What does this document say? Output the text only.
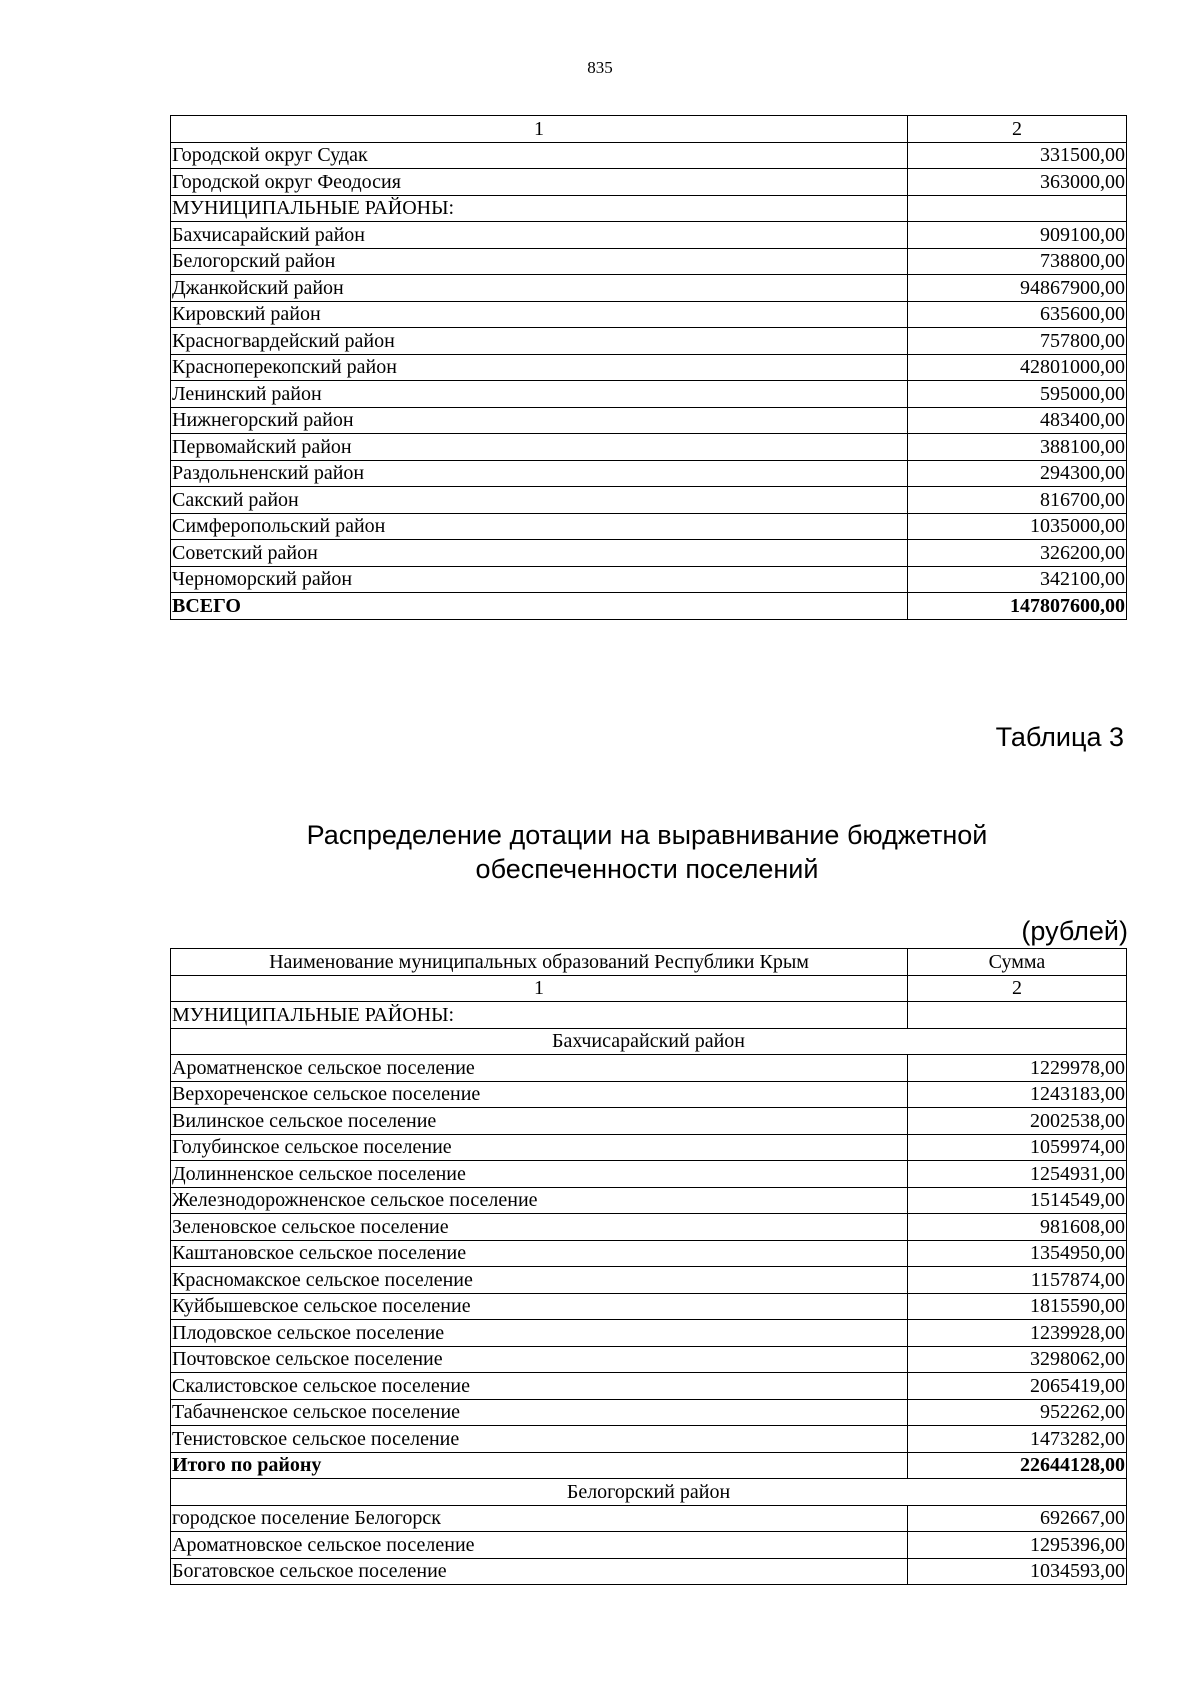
835
1	2
Городской округ Судак	331500,00
Городской округ Феодосия	363000,00
МУНИЦИПАЛЬНЫЕ РАЙОНЫ:	
Бахчисарайский район	909100,00
Белогорский район	738800,00
Джанкойский район	94867900,00
Кировский район	635600,00
Красногвардейский район	757800,00
Красноперекопский район	42801000,00
Ленинский район	595000,00
Нижнегорский район	483400,00
Первомайский район	388100,00
Раздольненский район	294300,00
Сакский район	816700,00
Симферопольский район	1035000,00
Советский район	326200,00
Черноморский район	342100,00
ВСЕГО	147807600,00
Таблица 3
Распределение дотации на выравнивание бюджетной
обеспеченности поселений
(рублей)
Наименование муниципальных образований Республики Крым	Сумма
1	2
МУНИЦИПАЛЬНЫЕ РАЙОНЫ:	
Бахчисарайский район	
Ароматненское сельское поселение	1229978,00
Верхореченское сельское поселение	1243183,00
Вилинское сельское поселение	2002538,00
Голубинское сельское поселение	1059974,00
Долинненское сельское поселение	1254931,00
Железнодорожненское сельское поселение	1514549,00
Зеленовское сельское поселение	981608,00
Каштановское сельское поселение	1354950,00
Красномакское сельское поселение	1157874,00
Куйбышевское сельское поселение	1815590,00
Плодовское сельское поселение	1239928,00
Почтовское сельское поселение	3298062,00
Скалистовское сельское поселение	2065419,00
Табачненское сельское поселение	952262,00
Тенистовское сельское поселение	1473282,00
Итого по району	22644128,00
Белогорский район	
городское поселение Белогорск	692667,00
Ароматновское сельское поселение	1295396,00
Богатовское сельское поселение	1034593,00
